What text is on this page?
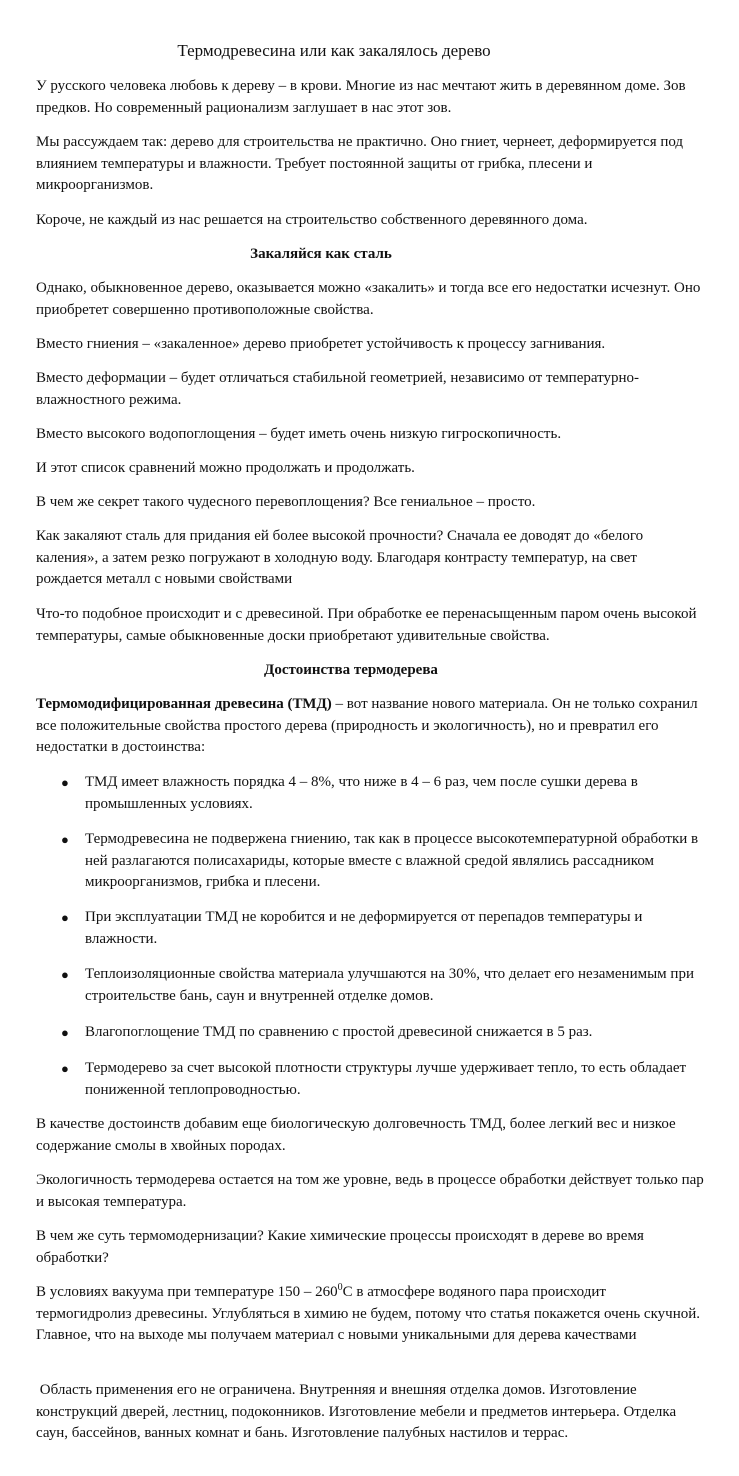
Термодревесина или как закалялось дерево

У русского человека любовь к дереву – в крови. Многие из нас мечтают жить в деревянном доме. Зов предков. Но современный рационализм заглушает в нас этот зов.

Мы рассуждаем так: дерево для строительства не практично. Оно гниет, чернеет, деформируется под влиянием температуры и влажности. Требует постоянной защиты от грибка, плесени и микроорганизмов.

Короче, не каждый из нас решается на строительство собственного деревянного дома.

Закаляйся как сталь

Однако, обыкновенное дерево, оказывается можно «закалить» и тогда все его недостатки исчезнут. Оно приобретет совершенно противоположные свойства.

Вместо гниения – «закаленное» дерево приобретет устойчивость к процессу загнивания.

Вместо деформации – будет отличаться стабильной геометрией, независимо от температурно-влажностного режима.

Вместо высокого водопоглощения – будет иметь очень низкую гигроскопичность.

И этот список сравнений можно продолжать и продолжать.

В чем же секрет такого чудесного перевоплощения? Все гениальное – просто.

Как закаляют сталь для придания ей более высокой прочности? Сначала ее доводят до «белого каления», а затем резко погружают в холодную воду. Благодаря контрасту температур, на свет рождается металл с новыми свойствами

Что-то подобное происходит и с древесиной. При обработке ее перенасыщенным паром очень высокой температуры, самые обыкновенные доски приобретают удивительные свойства.

Достоинства термодерева

Термомодифицированная древесина (ТМД) – вот название нового материала. Он не только сохранил все положительные свойства простого дерева (природность и экологичность), но и превратил его недостатки в достоинства:

● ТМД имеет влажность порядка 4 – 8%, что ниже в 4 – 6 раз, чем после сушки дерева в промышленных условиях.
● Термодревесина не подвержена гниению, так как в процессе высокотемпературной обработки в ней разлагаются полисахариды, которые вместе с влажной средой являлись рассадником микроорганизмов, грибка и плесени.
● При эксплуатации ТМД не коробится и не деформируется от перепадов температуры и влажности.
● Теплоизоляционные свойства материала улучшаются на 30%, что делает его незаменимым при строительстве бань, саун и внутренней отделке домов.
● Влагопоглощение ТМД по сравнению с простой древесиной снижается в 5 раз.
● Термодерево за счет высокой плотности структуры лучше удерживает тепло, то есть обладает пониженной теплопроводностью.

В качестве достоинств добавим еще биологическую долговечность ТМД, более легкий вес и низкое содержание смолы в хвойных породах.

Экологичность термодерева остается на том же уровне, ведь в процессе обработки действует только пар и высокая температура.

В чем же суть термомодернизации? Какие химические процессы происходят в дереве во время обработки?

В условиях вакуума при температуре $150 - 260^0С$ в атмосфере водяного пара происходит термогидролиз древесины. Углубляться в химию не будем, потому что статья покажется очень скучной. Главное, что на выходе мы получаем материал с новыми уникальными для дерева качествами

Область применения его не ограничена. Внутренняя и внешняя отделка домов. Изготовление конструкций дверей, лестниц, подоконников. Изготовление мебели и предметов интерьера. Отделка саун, бассейнов, ванных комнат и бань. Изготовление палубных настилов и террас.
